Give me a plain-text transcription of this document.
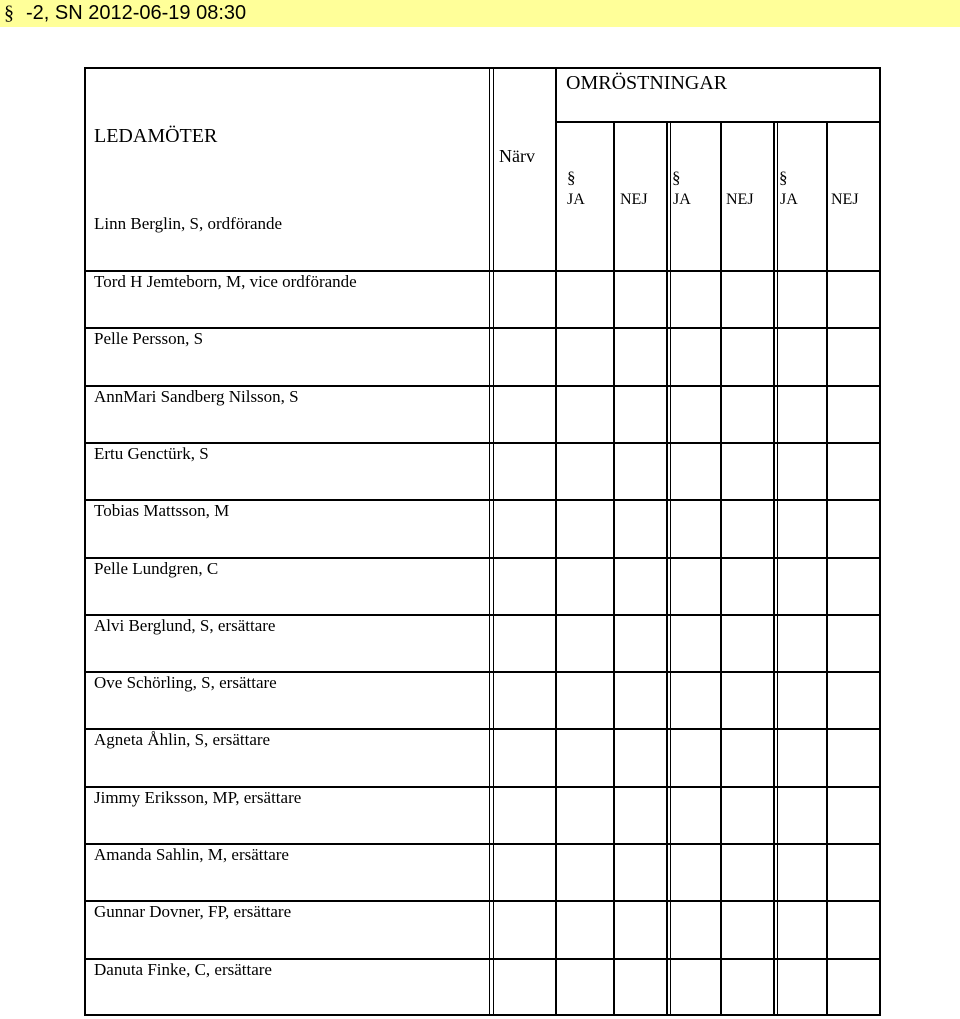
§ -2, SN 2012-06-19 08:30
LEDAMÖTER
Närv
OMRÖSTNINGAR
§	§	§
JA NEJ JA NEJ JA NEJ
Linn Berglin, S, ordförande
Tord H Jemteborn, M, vice ordförande
Pelle Persson, S
AnnMari Sandberg Nilsson, S
Ertu Genctürk, S
Tobias Mattsson, M
Pelle Lundgren, C
Alvi Berglund, S, ersättare
Ove Schörling, S, ersättare
Agneta Åhlin, S, ersättare
Jimmy Eriksson, MP, ersättare
Amanda Sahlin, M, ersättare
Gunnar Dovner, FP, ersättare
Danuta Finke, C, ersättare
